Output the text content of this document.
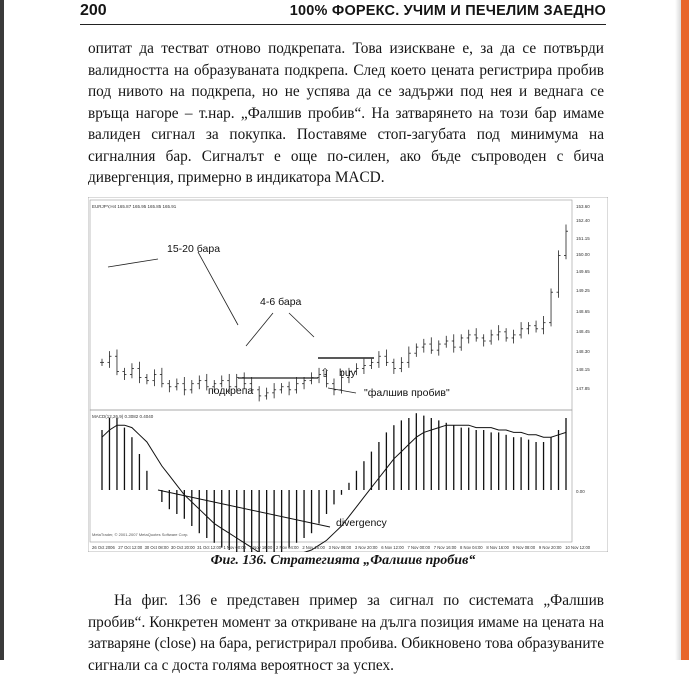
200	100% ФОРЕКС. УЧИМ И ПЕЧЕЛИМ ЗАЕДНО
опитат да тестват отново подкрепата. Това изискване е, за да се потвърди валидността на образуваната подкрепа. След което цената регистрира пробив под нивото на подкрепа, но не успява да се задържи под нея и веднага се връща нагоре – т.нар. „Фалшив пробив“. На затварянето на този бар имаме валиден сигнал за покупка. Поставяме стоп-загубата под минимума на сигналния бар. Сигналът е още по-силен, ако бъде съпроводен с бича дивергенция, примерно в индикатора MACD.
EURJPY,H4 165.87 165.95 165.85 165.91	153.60
152.40
151.15
150.00
149.65
149.25
148.65
148.45
148.30
148.15
147.85
15-20 бара
4-6 бара
подкрепа	"фалшив пробив"
⇧ buy
MACD(12,26,9) 0.3082 0.4040
0.00
divergency
MetaTrader, © 2001-2007 MetaQuotes Software Corp.
26 Oct 2006 27 Oct 12:00 30 Oct 08:00 30 Oct 20:00 31 Oct 12:00 1 Nov 00:00 1 Nov 16:00 2 Nov 04:00 2 Nov 16:00 3 Nov 08:00 3 Nov 20:00 6 Nov 12:00 7 Nov 00:00 7 Nov 16:00 8 Nov 04:00 8 Nov 16:00 9 Nov 08:00 9 Nov 20:00 10 Nov 12:00
Фиг. 136. Стратегията „Фалшив пробив“
На фиг. 136 е представен пример за сигнал по системата „Фалшив пробив“. Конкретен момент за откриване на дълга позиция имаме на цената на затваряне (close) на бара, регистрирал пробива. Обикновено това образуваните сигнали са с доста голяма вероятност за успех.
